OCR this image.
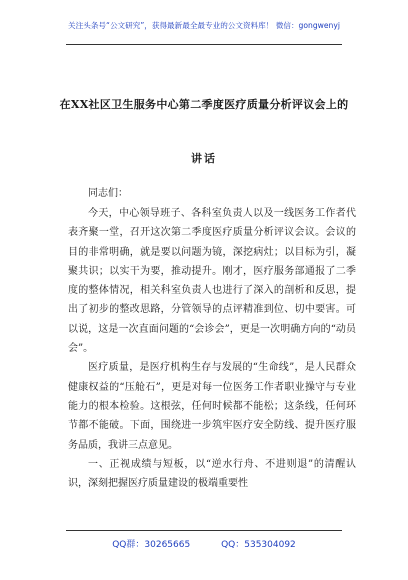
关注头条号“公文研究”，获得最新最全最专业的公文资料库！ 微信：gongwenyj
在XX社区卫生服务中心第二季度医疗质量分析评议会上的
讲话
同志们：

今天，中心领导班子、各科室负责人以及一线医务工作者代表齐聚一堂，召开这次第二季度医疗质量分析评议会议。会议的目的非常明确，就是要以问题为镜，深挖病灶；以目标为引，凝聚共识；以实干为要，推动提升。刚才，医疗服务部通报了二季度的整体情况，相关科室负责人也进行了深入的剖析和反思，提出了初步的整改思路，分管领导的点评精准到位、切中要害。可以说，这是一次直面问题的“会诊会”，更是一次明确方向的“动员会”。

医疗质量，是医疗机构生存与发展的“生命线”，是人民群众健康权益的“压舱石”，更是对每一位医务工作者职业操守与专业能力的根本检验。这根弦，任何时候都不能松；这条线，任何环节都不能破。下面，围绕进一步筑牢医疗安全防线、提升医疗服务品质，我讲三点意见。

一、正视成绩与短板，以“逆水行舟、不进则退”的清醒认识，深刻把握医疗质量建设的极端重要性

QQ群：30265665	QQ：535304092
